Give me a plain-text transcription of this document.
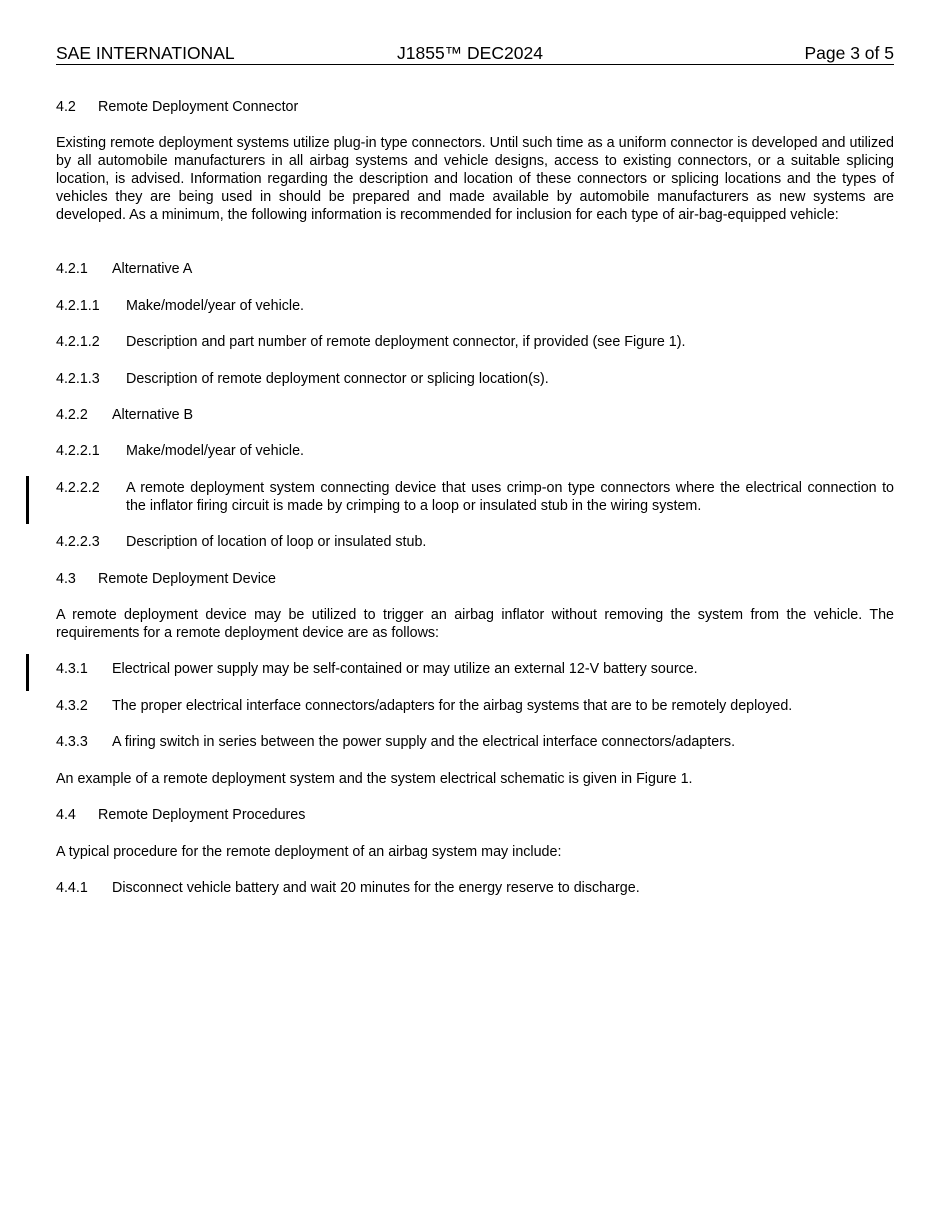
SAE INTERNATIONAL	J1855™ DEC2024	Page 3 of 5
4.2 Remote Deployment Connector
Existing remote deployment systems utilize plug-in type connectors. Until such time as a uniform connector is developed and utilized by all automobile manufacturers in all airbag systems and vehicle designs, access to existing connectors, or a suitable splicing location, is advised. Information regarding the description and location of these connectors or splicing locations and the types of vehicles they are being used in should be prepared and made available by automobile manufacturers as new systems are developed. As a minimum, the following information is recommended for inclusion for each type of air-bag-equipped vehicle:
4.2.1 Alternative A
4.2.1.1 Make/model/year of vehicle.
4.2.1.2 Description and part number of remote deployment connector, if provided (see Figure 1).
4.2.1.3 Description of remote deployment connector or splicing location(s).
4.2.2 Alternative B
4.2.2.1 Make/model/year of vehicle.
4.2.2.2 A remote deployment system connecting device that uses crimp-on type connectors where the electrical connection to the inflator firing circuit is made by crimping to a loop or insulated stub in the wiring system.
4.2.2.3 Description of location of loop or insulated stub.
4.3 Remote Deployment Device
A remote deployment device may be utilized to trigger an airbag inflator without removing the system from the vehicle. The requirements for a remote deployment device are as follows:
4.3.1 Electrical power supply may be self-contained or may utilize an external 12-V battery source.
4.3.2 The proper electrical interface connectors/adapters for the airbag systems that are to be remotely deployed.
4.3.3 A firing switch in series between the power supply and the electrical interface connectors/adapters.
An example of a remote deployment system and the system electrical schematic is given in Figure 1.
4.4 Remote Deployment Procedures
A typical procedure for the remote deployment of an airbag system may include:
4.4.1 Disconnect vehicle battery and wait 20 minutes for the energy reserve to discharge.
